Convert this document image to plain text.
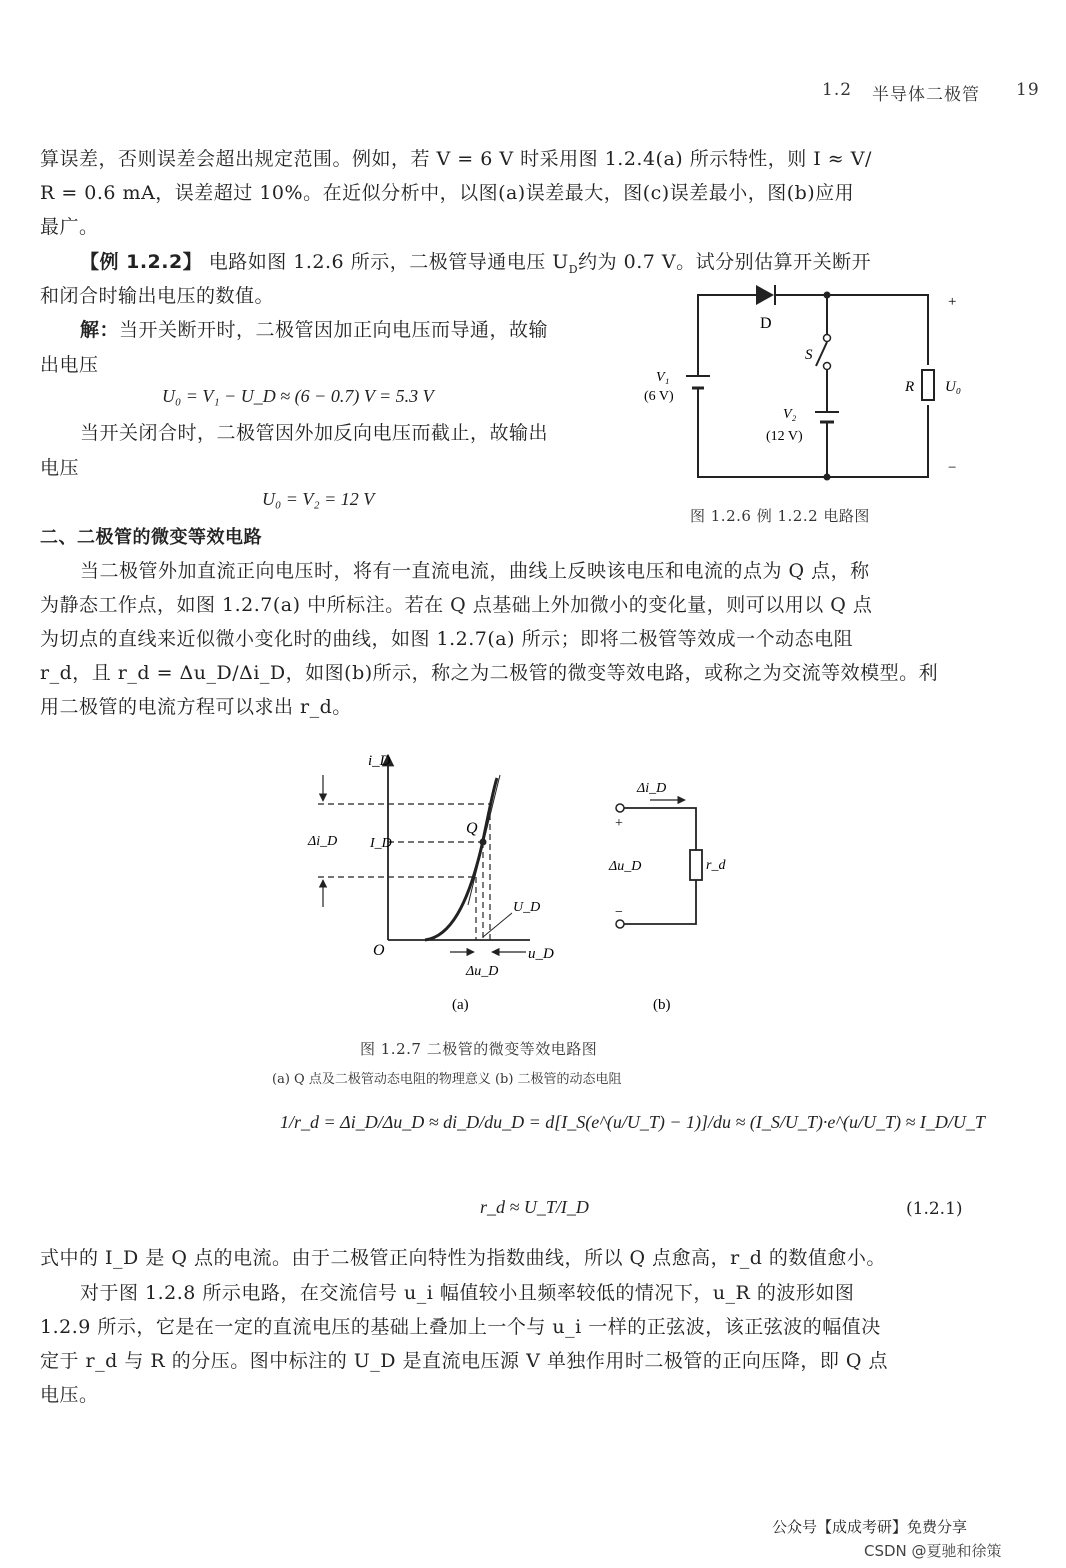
1.2 半导体二极管 19
算误差，否则误差会超出规定范围。例如，若 V = 6 V 时采用图 1.2.4(a) 所示特性，则 I ≈ V/
R = 0.6 mA，误差超过 10%。在近似分析中，以图(a)误差最大，图(c)误差最小，图(b)应用
最广。
【例 1.2.2】 电路如图 1.2.6 所示，二极管导通电压 $U_D$约为 0.7 V。试分别估算开关断开
和闭合时输出电压的数值。
解：当开关断开时，二极管因加正向电压而导通，故输
出电压
U₀ = V₁ − U_D ≈ (6 − 0.7) V = 5.3 V
当开关闭合时，二极管因外加反向电压而截止，故输出
电压
U₀ = V₂ = 12 V
D
S
V₁
(6 V)
V₂
(12 V)
R U₀
+
−
图 1.2.6 例 1.2.2 电路图
二、二极管的微变等效电路
当二极管外加直流正向电压时，将有一直流电流，曲线上反映该电压和电流的点为 Q 点，称
为静态工作点，如图 1.2.7(a) 中所标注。若在 Q 点基础上外加微小的变化量，则可以用以 Q 点
为切点的直线来近似微小变化时的曲线，如图 1.2.7(a) 所示；即将二极管等效成一个动态电阻
r_d，且 r_d = Δu_D/Δi_D，如图(b)所示，称之为二极管的微变等效电路，或称之为交流等效模型。利
用二极管的电流方程可以求出 r_d。
i_D
u_D
O
Q
I_D
Δi_D
Δu_D
U_D
(a)
Δi_D
+
Δu_D
−
r_d
(b)
图 1.2.7 二极管的微变等效电路图
(a) Q 点及二极管动态电阻的物理意义 (b) 二极管的动态电阻
1/r_d = Δi_D/Δu_D ≈ di_D/du_D = d[I_S(e^(u/U_T) − 1)]/du ≈ (I_S/U_T)·e^(u/U_T) ≈ I_D/U_T
r_d ≈ U_T/I_D	(1.2.1)
式中的 I_D 是 Q 点的电流。由于二极管正向特性为指数曲线，所以 Q 点愈高，r_d 的数值愈小。
对于图 1.2.8 所示电路，在交流信号 u_i 幅值较小且频率较低的情况下，u_R 的波形如图
1.2.9 所示，它是在一定的直流电压的基础上叠加上一个与 u_i 一样的正弦波，该正弦波的幅值决
定于 r_d 与 R 的分压。图中标注的 U_D 是直流电压源 V 单独作用时二极管的正向压降，即 Q 点
电压。
公众号【成成考研】免费分享
CSDN @夏驰和徐策
